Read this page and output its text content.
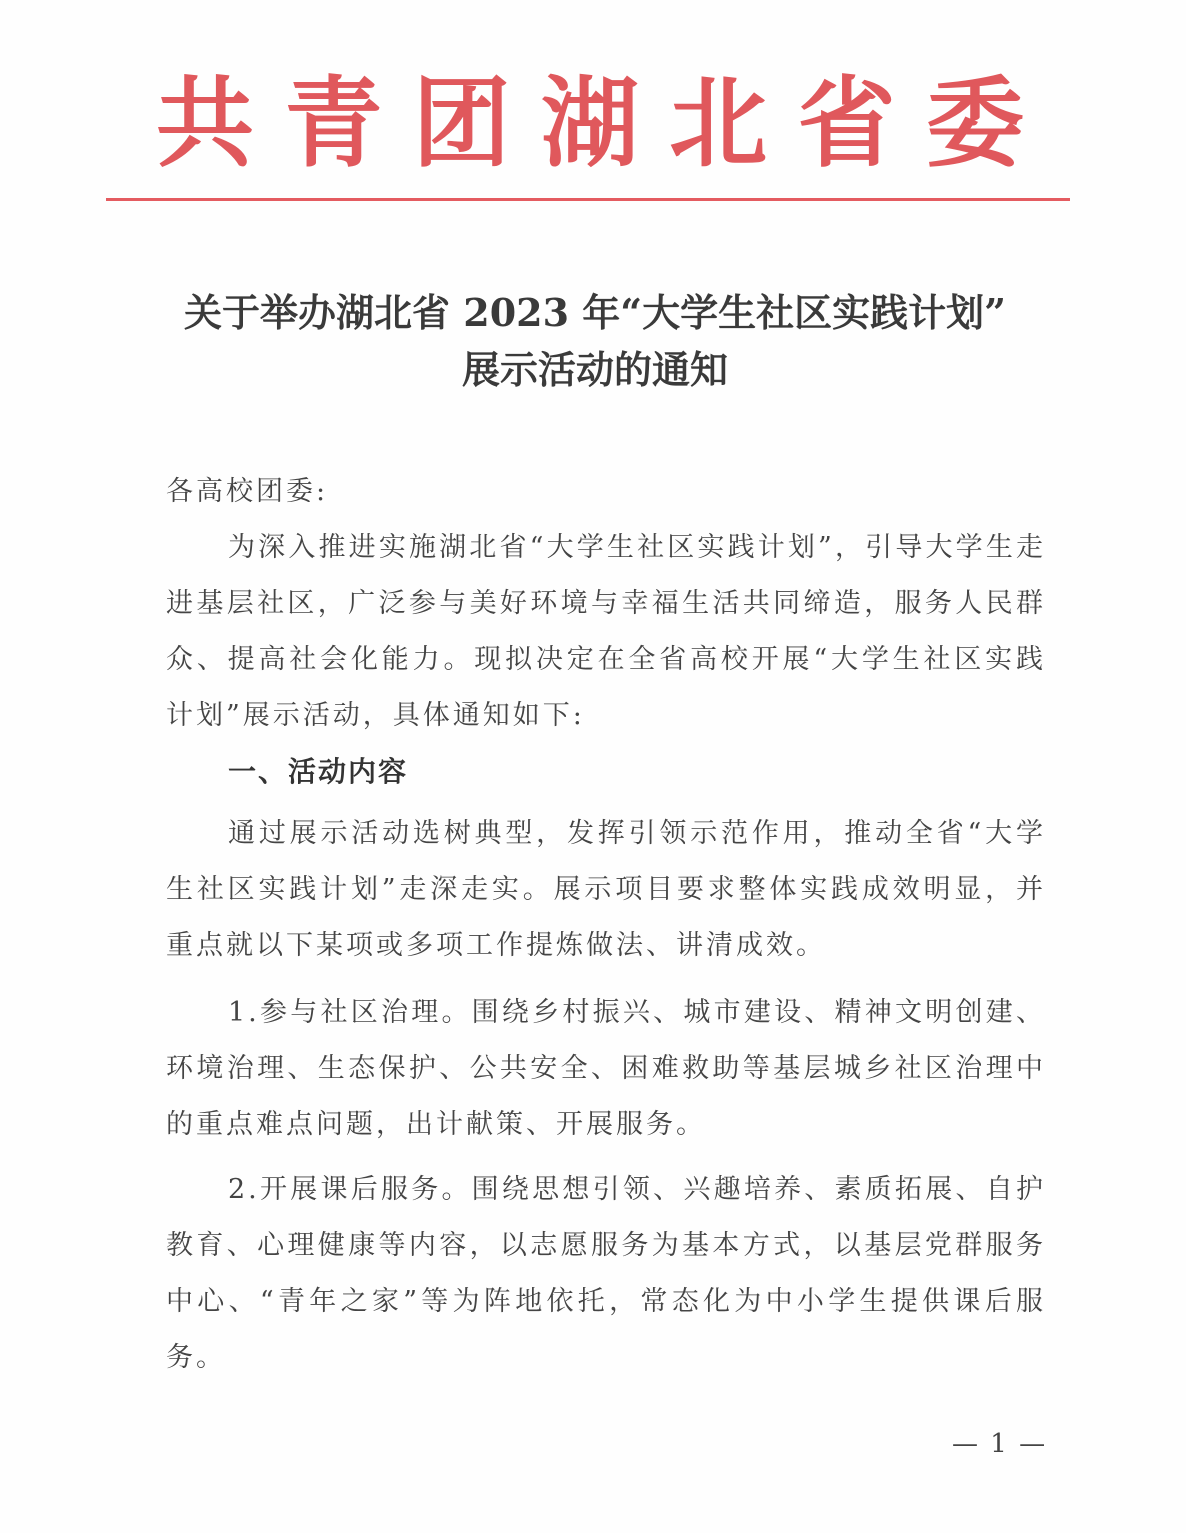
共 青 团 湖 北 省 委
关于举办湖北省 2023 年“大学生社区实践计划”
展示活动的通知
各高校团委:
为深入推进实施湖北省“大学生社区实践计划”，引导大学生走进基层社区，广泛参与美好环境与幸福生活共同缔造，服务人民群众、提高社会化能力。现拟决定在全省高校开展“大学生社区实践计划”展示活动，具体通知如下:
一、活动内容
通过展示活动选树典型，发挥引领示范作用，推动全省“大学生社区实践计划”走深走实。展示项目要求整体实践成效明显，并重点就以下某项或多项工作提炼做法、讲清成效。
1.参与社区治理。围绕乡村振兴、城市建设、精神文明创建、环境治理、生态保护、公共安全、困难救助等基层城乡社区治理中的重点难点问题，出计献策、开展服务。
2.开展课后服务。围绕思想引领、兴趣培养、素质拓展、自护教育、心理健康等内容，以志愿服务为基本方式，以基层党群服务中心、“青年之家”等为阵地依托，常态化为中小学生提供课后服务。
— 1 —
